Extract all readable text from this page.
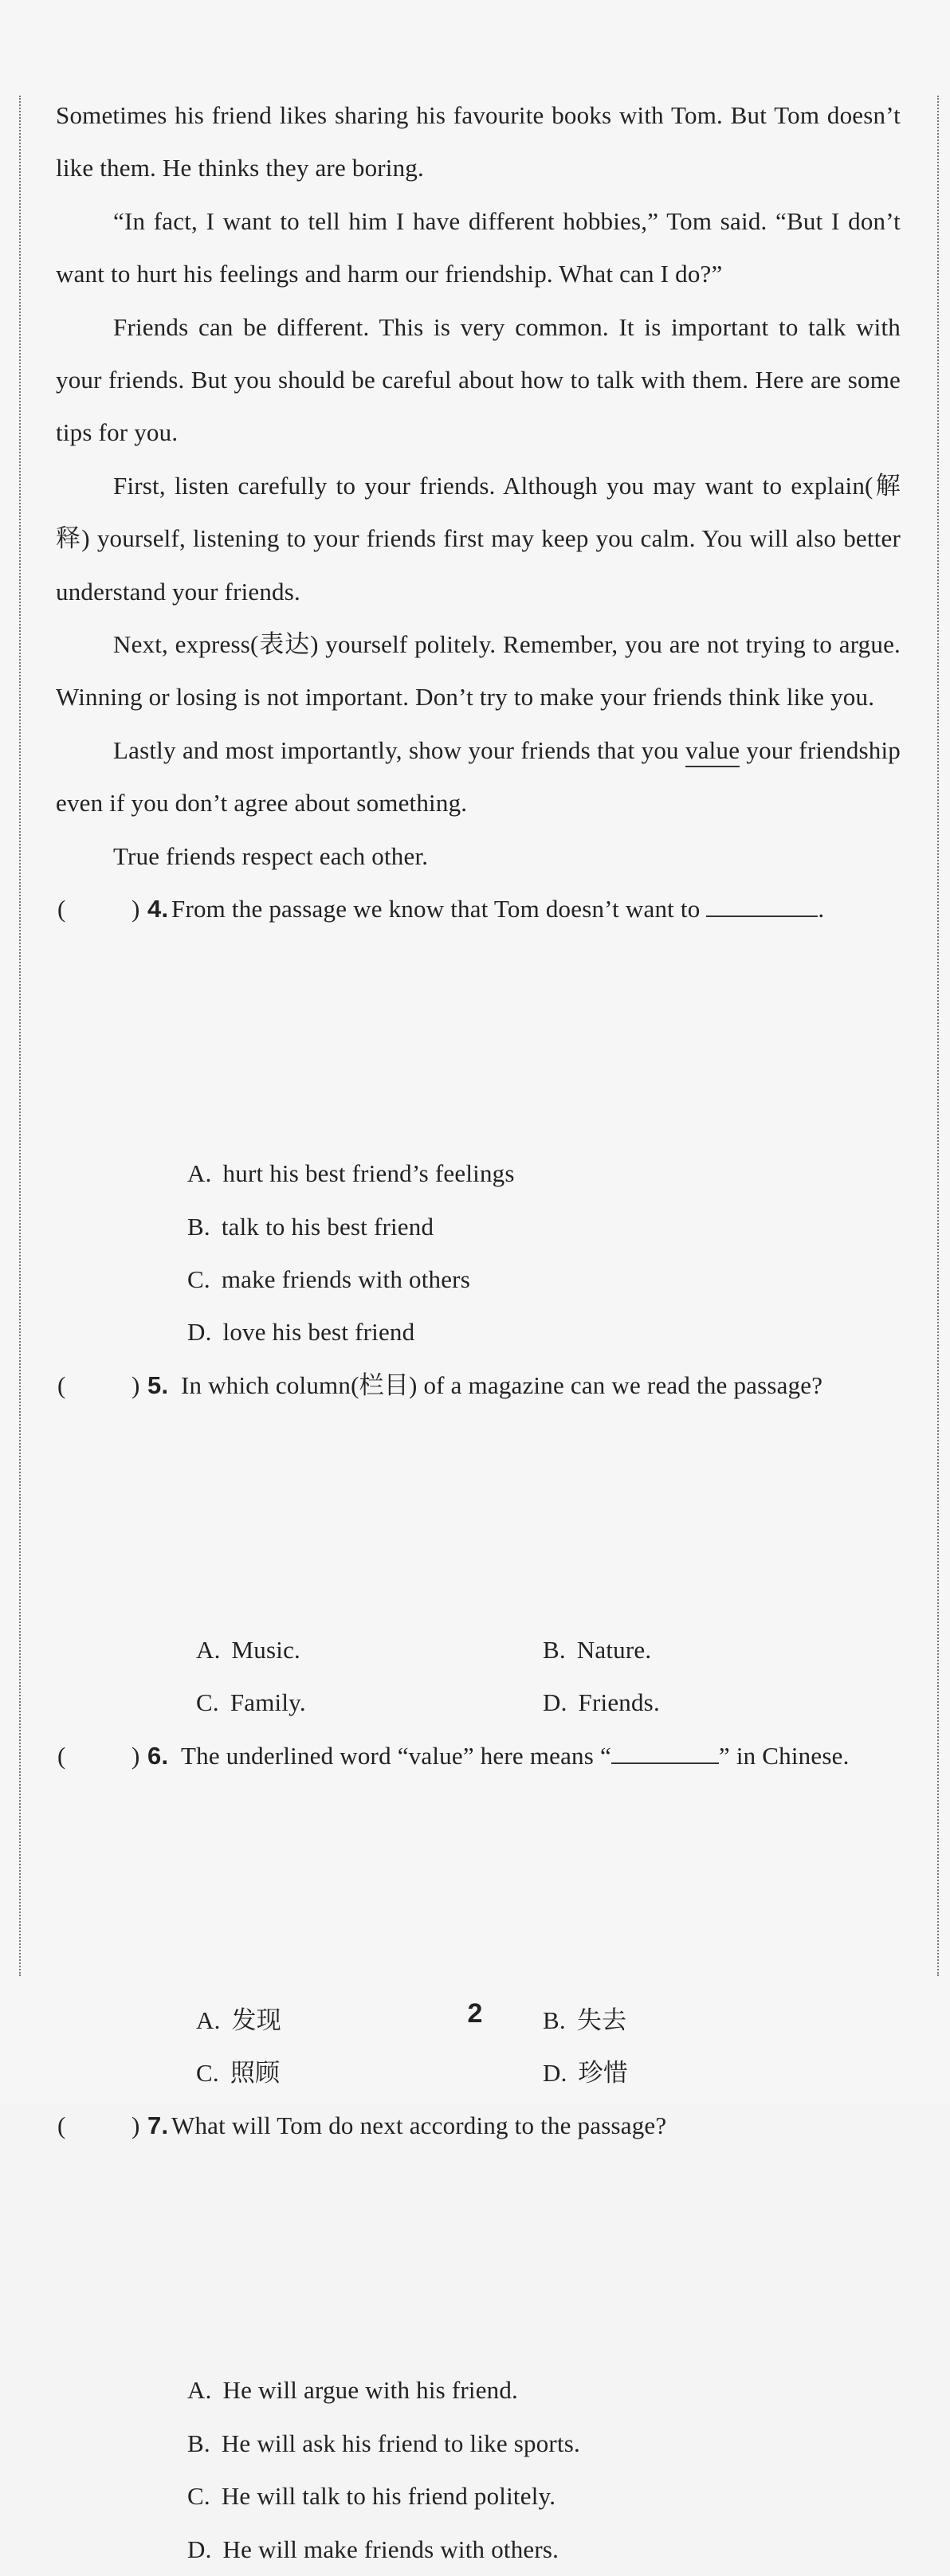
Sometimes his friend likes sharing his favourite books with Tom. But Tom doesn’t like them. He thinks they are boring.

“In fact, I want to tell him I have different hobbies,” Tom said. “But I don’t want to hurt his feelings and harm our friendship. What can I do?”

Friends can be different. This is very common. It is important to talk with your friends. But you should be careful about how to talk with them. Here are some tips for you.

First, listen carefully to your friends. Although you may want to explain(解释) yourself, listening to your friends first may keep you calm. You will also better understand your friends.

Next, express(表达) yourself politely. Remember, you are not trying to argue. Winning or losing is not important. Don’t try to make your friends think like you.

Lastly and most importantly, show your friends that you value your friendship even if you don’t agree about something.

True friends respect each other.

(

	)

4.

From the passage we know that Tom doesn’t want to	.
A. hurt his best friend’s feelings
B. talk to his best friend
C. make friends with others
D. love his best friend

(

	)

5.

In which column(栏目) of a magazine can we read the passage?
A. Music.	B. Nature.
C. Family.	D. Friends.

(

	)

6.

The underlined word “value” here means “	” in Chinese.
A. 发现	B. 失去
C. 照顾	D. 珍惜

(

	)

7.

What will Tom do next according to the passage?
A. He will argue with his friend.
B. He will ask his friend to like sports.
C. He will talk to his friend politely.
D. He will make friends with others.
2
